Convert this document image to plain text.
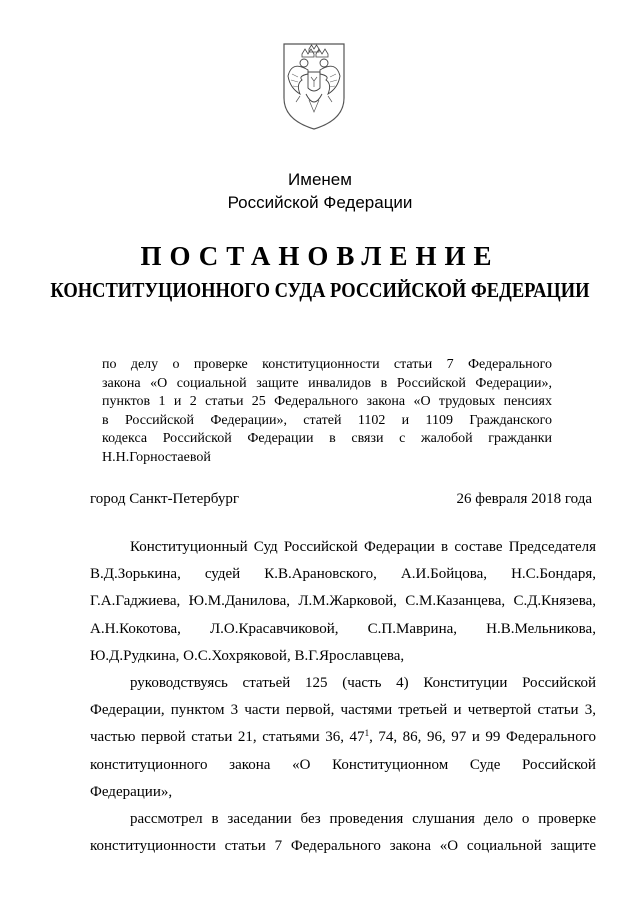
Именем
Российской Федерации
ПОСТАНОВЛЕНИЕ
КОНСТИТУЦИОННОГО СУДА РОССИЙСКОЙ ФЕДЕРАЦИИ
по делу о проверке конституционности статьи 7 Федерального
закона «О социальной защите инвалидов в Российской Федерации»,
пунктов 1 и 2 статьи 25 Федерального закона «О трудовых пенсиях
в Российской Федерации», статей 1102 и 1109 Гражданского
кодекса Российской Федерации в связи с жалобой гражданки
Н.Н.Горностаевой
город Санкт-Петербург	26 февраля 2018 года
Конституционный Суд Российской Федерации в составе Председателя
В.Д.Зорькина, судей К.В.Арановского, А.И.Бойцова, Н.С.Бондаря,
Г.А.Гаджиева, Ю.М.Данилова, Л.М.Жарковой, С.М.Казанцева, С.Д.Князева,
А.Н.Кокотова, Л.О.Красавчиковой, С.П.Маврина, Н.В.Мельникова,
Ю.Д.Рудкина, О.С.Хохряковой, В.Г.Ярославцева,
руководствуясь статьей 125 (часть 4) Конституции Российской
Федерации, пунктом 3 части первой, частями третьей и четвертой статьи 3,
частью первой статьи 21, статьями 36, $47^1$, 74, 86, 96, 97 и 99 Федерального
конституционного закона «О Конституционном Суде Российской
Федерации»,
рассмотрел в заседании без проведения слушания дело о проверке
конституционности статьи 7 Федерального закона «О социальной защите
